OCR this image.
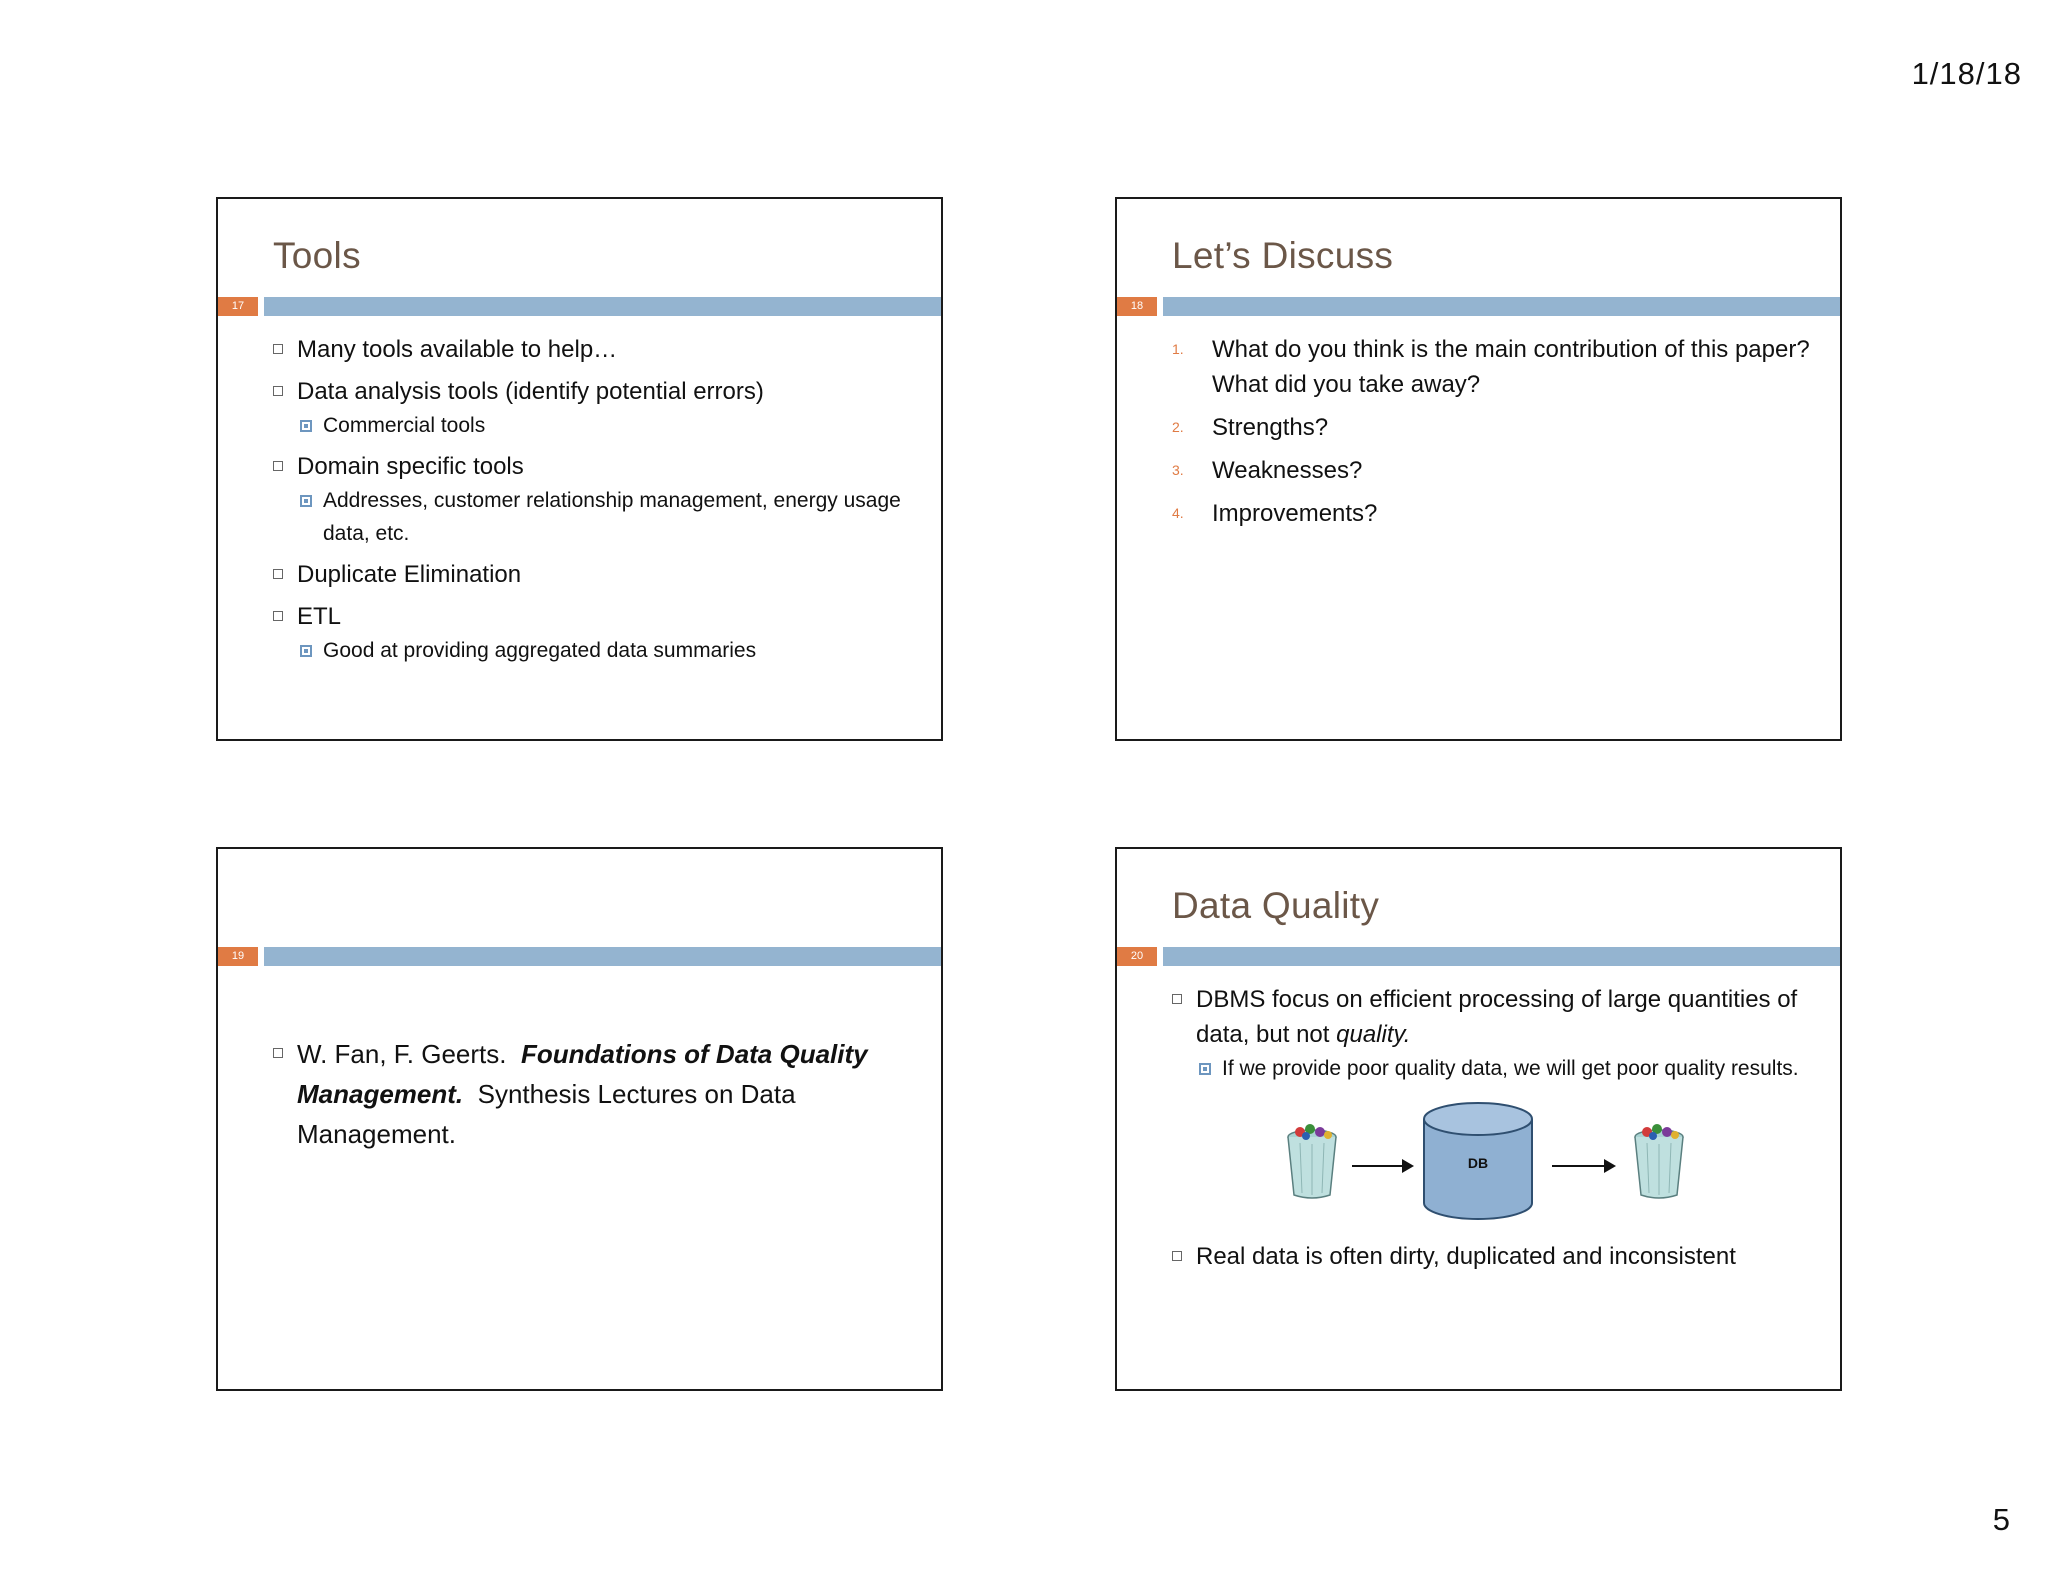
1/18/18
Tools
17
Many tools available to help…
Data analysis tools (identify potential errors)
Commercial tools
Domain specific tools
Addresses, customer relationship management, energy usage data, etc.
Duplicate Elimination
ETL
Good at providing aggregated data summaries
Let’s Discuss
18
1. What do you think is the main contribution of this paper? What did you take away?
2. Strengths?
3. Weaknesses?
4. Improvements?
19
W. Fan, F. Geerts. Foundations of Data Quality Management. Synthesis Lectures on Data Management.
Data Quality
20
DBMS focus on efficient processing of large quantities of data, but not quality.
If we provide poor quality data, we will get poor quality results.
DB
Real data is often dirty, duplicated and inconsistent
5
